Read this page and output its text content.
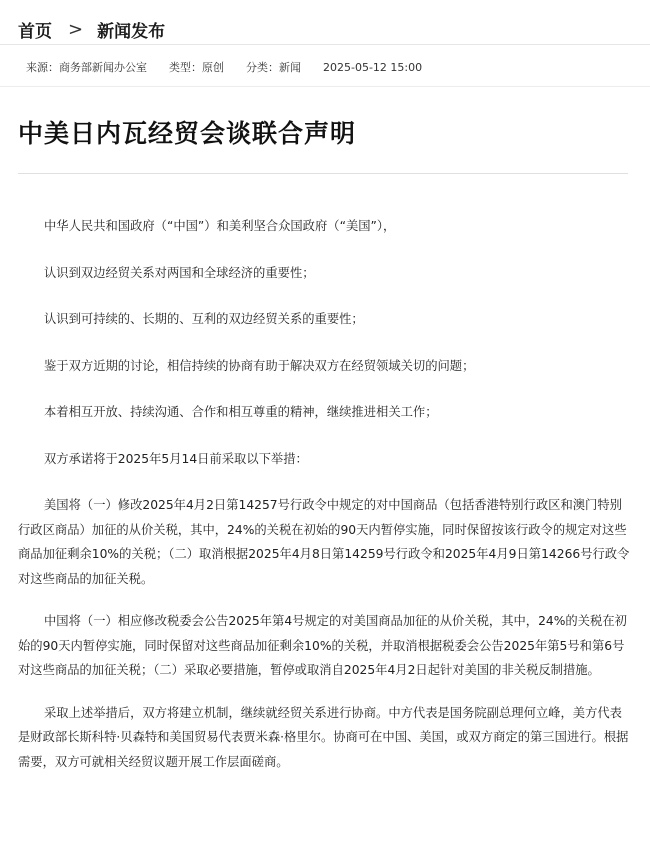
首页 > 新闻发布
来源：商务部新闻办公室 类型：原创 分类：新闻 2025-05-12 15:00
中美日内瓦经贸会谈联合声明

中华人民共和国政府（“中国”）和美利坚合众国政府（“美国”），

认识到双边经贸关系对两国和全球经济的重要性；

认识到可持续的、长期的、互利的双边经贸关系的重要性；

鉴于双方近期的讨论，相信持续的协商有助于解决双方在经贸领域关切的问题；

本着相互开放、持续沟通、合作和相互尊重的精神，继续推进相关工作；

双方承诺将于2025年5月14日前采取以下举措：

美国将（一）修改2025年4月2日第14257号行政令中规定的对中国商品（包括香港特别行政区和澳门特别行政区商品）加征的从价关税，其中，24%的关税在初始的90天内暂停实施，同时保留按该行政令的规定对这些商品加征剩余10%的关税；（二）取消根据2025年4月8日第14259号行政令和2025年4月9日第14266号行政令对这些商品的加征关税。

中国将（一）相应修改税委会公告2025年第4号规定的对美国商品加征的从价关税，其中，24%的关税在初始的90天内暂停实施，同时保留对这些商品加征剩余10%的关税，并取消根据税委会公告2025年第5号和第6号对这些商品的加征关税；（二）采取必要措施，暂停或取消自2025年4月2日起针对美国的非关税反制措施。

采取上述举措后，双方将建立机制，继续就经贸关系进行协商。中方代表是国务院副总理何立峰，美方代表是财政部长斯科特·贝森特和美国贸易代表贾米森·格里尔。协商可在中国、美国，或双方商定的第三国进行。根据需要，双方可就相关经贸议题开展工作层面磋商。
